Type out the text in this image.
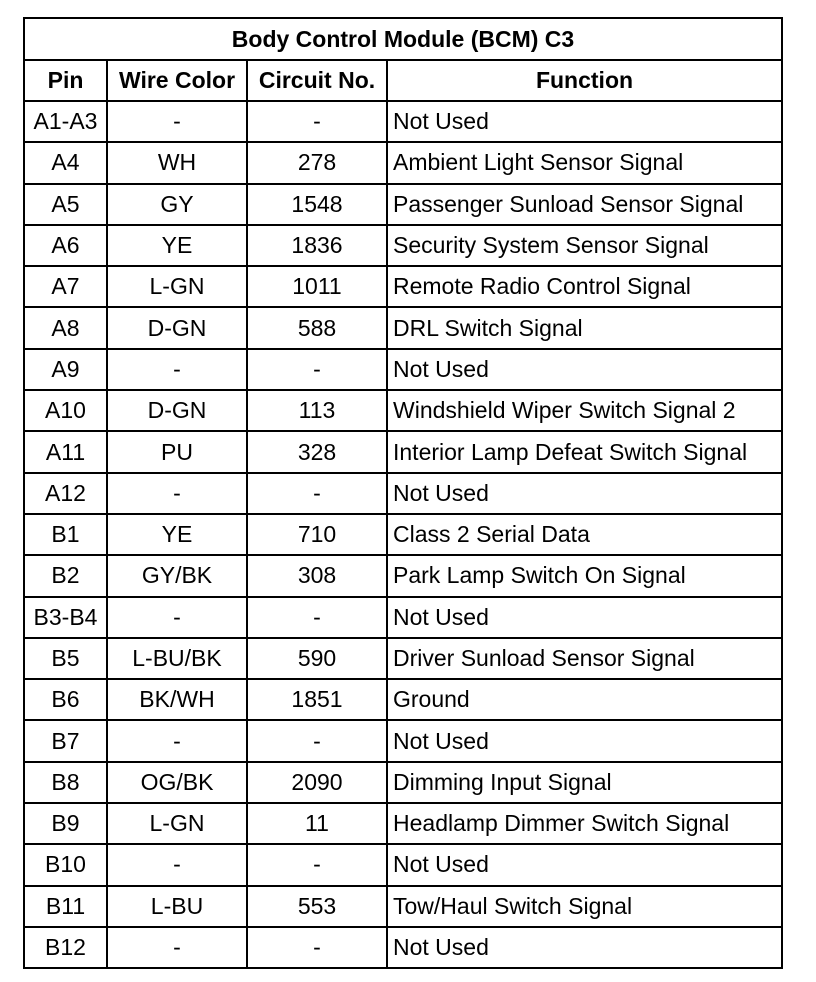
Body Control Module (BCM) C3			
Pin	Wire Color	Circuit No.	Function
A1-A3	-	-	Not Used
A4	WH	278	Ambient Light Sensor Signal
A5	GY	1548	Passenger Sunload Sensor Signal
A6	YE	1836	Security System Sensor Signal
A7	L-GN	1011	Remote Radio Control Signal
A8	D-GN	588	DRL Switch Signal
A9	-	-	Not Used
A10	D-GN	113	Windshield Wiper Switch Signal 2
A11	PU	328	Interior Lamp Defeat Switch Signal
A12	-	-	Not Used
B1	YE	710	Class 2 Serial Data
B2	GY/BK	308	Park Lamp Switch On Signal
B3-B4	-	-	Not Used
B5	L-BU/BK	590	Driver Sunload Sensor Signal
B6	BK/WH	1851	Ground
B7	-	-	Not Used
B8	OG/BK	2090	Dimming Input Signal
B9	L-GN	11	Headlamp Dimmer Switch Signal
B10	-	-	Not Used
B11	L-BU	553	Tow/Haul Switch Signal
B12	-	-	Not Used
